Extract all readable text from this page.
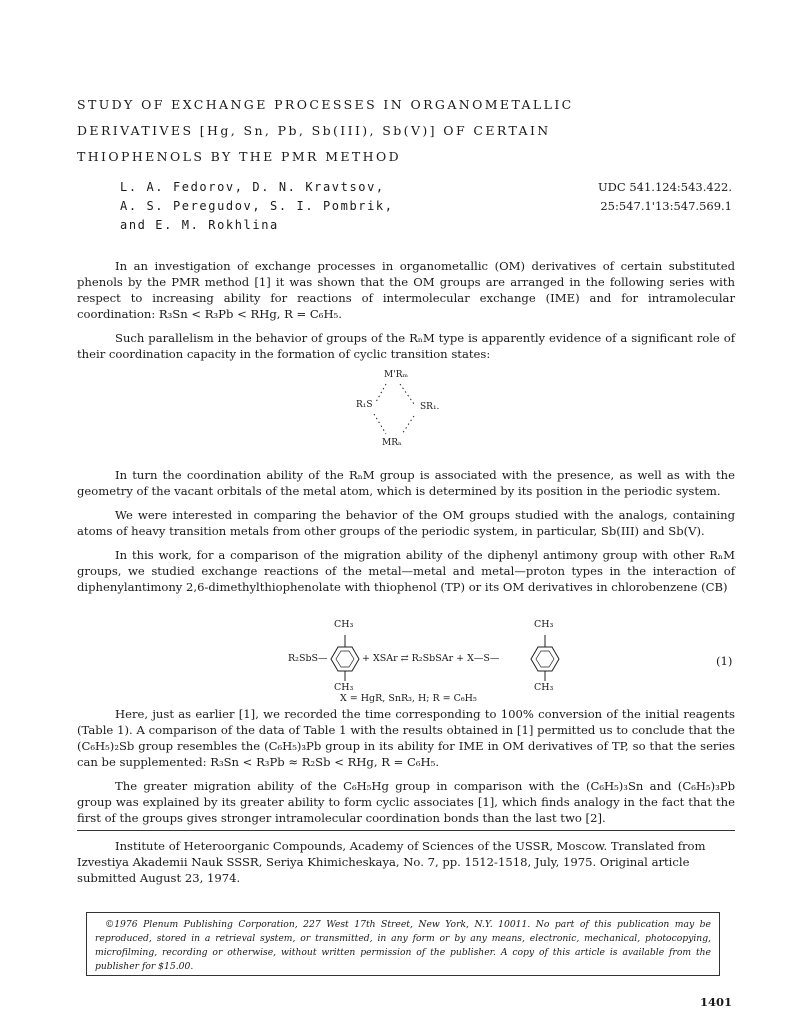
STUDY OF EXCHANGE PROCESSES IN ORGANOMETALLIC
DERIVATIVES [Hg, Sn, Pb, Sb(III), Sb(V)] OF CERTAIN
THIOPHENOLS BY THE PMR METHOD
L. A. Fedorov, D. N. Kravtsov,
A. S. Peregudov, S. I. Pombrik,
and E. M. Rokhlina
UDC 541.124:543.422.
25:547.1'13:547.569.1

In an investigation of exchange processes in organometallic (OM) derivatives of certain substituted phenols by the PMR method [1] it was shown that the OM groups are arranged in the following series with respect to increasing ability for reactions of intermolecular exchange (IME) and for intramolecular coordination: R₃Sn < R₃Pb < RHg, R = C₆H₅.

Such parallelism in the behavior of groups of the RₙM type is apparently evidence of a significant role of their coordination capacity in the formation of cyclic transition states:

M'Rₘ
R₁S	SR₁.
MRₙ

In turn the coordination ability of the RₙM group is associated with the presence, as well as with the geometry of the vacant orbitals of the metal atom, which is determined by its position in the periodic system.

We were interested in comparing the behavior of the OM groups studied with the analogs, containing atoms of heavy transition metals from other groups of the periodic system, in particular, Sb(III) and Sb(V).

In this work, for a comparison of the migration ability of the diphenyl antimony group with other RₙM groups, we studied exchange reactions of the metal—metal and metal—proton types in the interaction of diphenylantimony 2,6-dimethylthiophenolate with thiophenol (TP) or its OM derivatives in chlorobenzene (CB)

CH₃	CH₃
R₂SbS—	+ XSAr ⇄ R₂SbSAr + X—S—
CH₃	CH₃
X = HgR, SnR₃, H; R = C₆H₅
(1)

Here, just as earlier [1], we recorded the time corresponding to 100% conversion of the initial reagents (Table 1). A comparison of the data of Table 1 with the results obtained in [1] permitted us to conclude that the (C₆H₅)₂Sb group resembles the (C₆H₅)₃Pb group in its ability for IME in OM derivatives of TP, so that the series can be supplemented: R₃Sn < R₃Pb ≈ R₂Sb < RHg, R = C₆H₅.

The greater migration ability of the C₆H₅Hg group in comparison with the (C₆H₅)₃Sn and (C₆H₅)₃Pb group was explained by its greater ability to form cyclic associates [1], which finds analogy in the fact that the first of the groups gives stronger intramolecular coordination bonds than the last two [2].

Institute of Heteroorganic Compounds, Academy of Sciences of the USSR, Moscow. Translated from Izvestiya Akademii Nauk SSSR, Seriya Khimicheskaya, No. 7, pp. 1512-1518, July, 1975. Original article submitted August 23, 1974.

©1976 Plenum Publishing Corporation, 227 West 17th Street, New York, N.Y. 10011. No part of this publication may be reproduced, stored in a retrieval system, or transmitted, in any form or by any means, electronic, mechanical, photocopying, microfilming, recording or otherwise, without written permission of the publisher. A copy of this article is available from the publisher for $15.00.

1401
